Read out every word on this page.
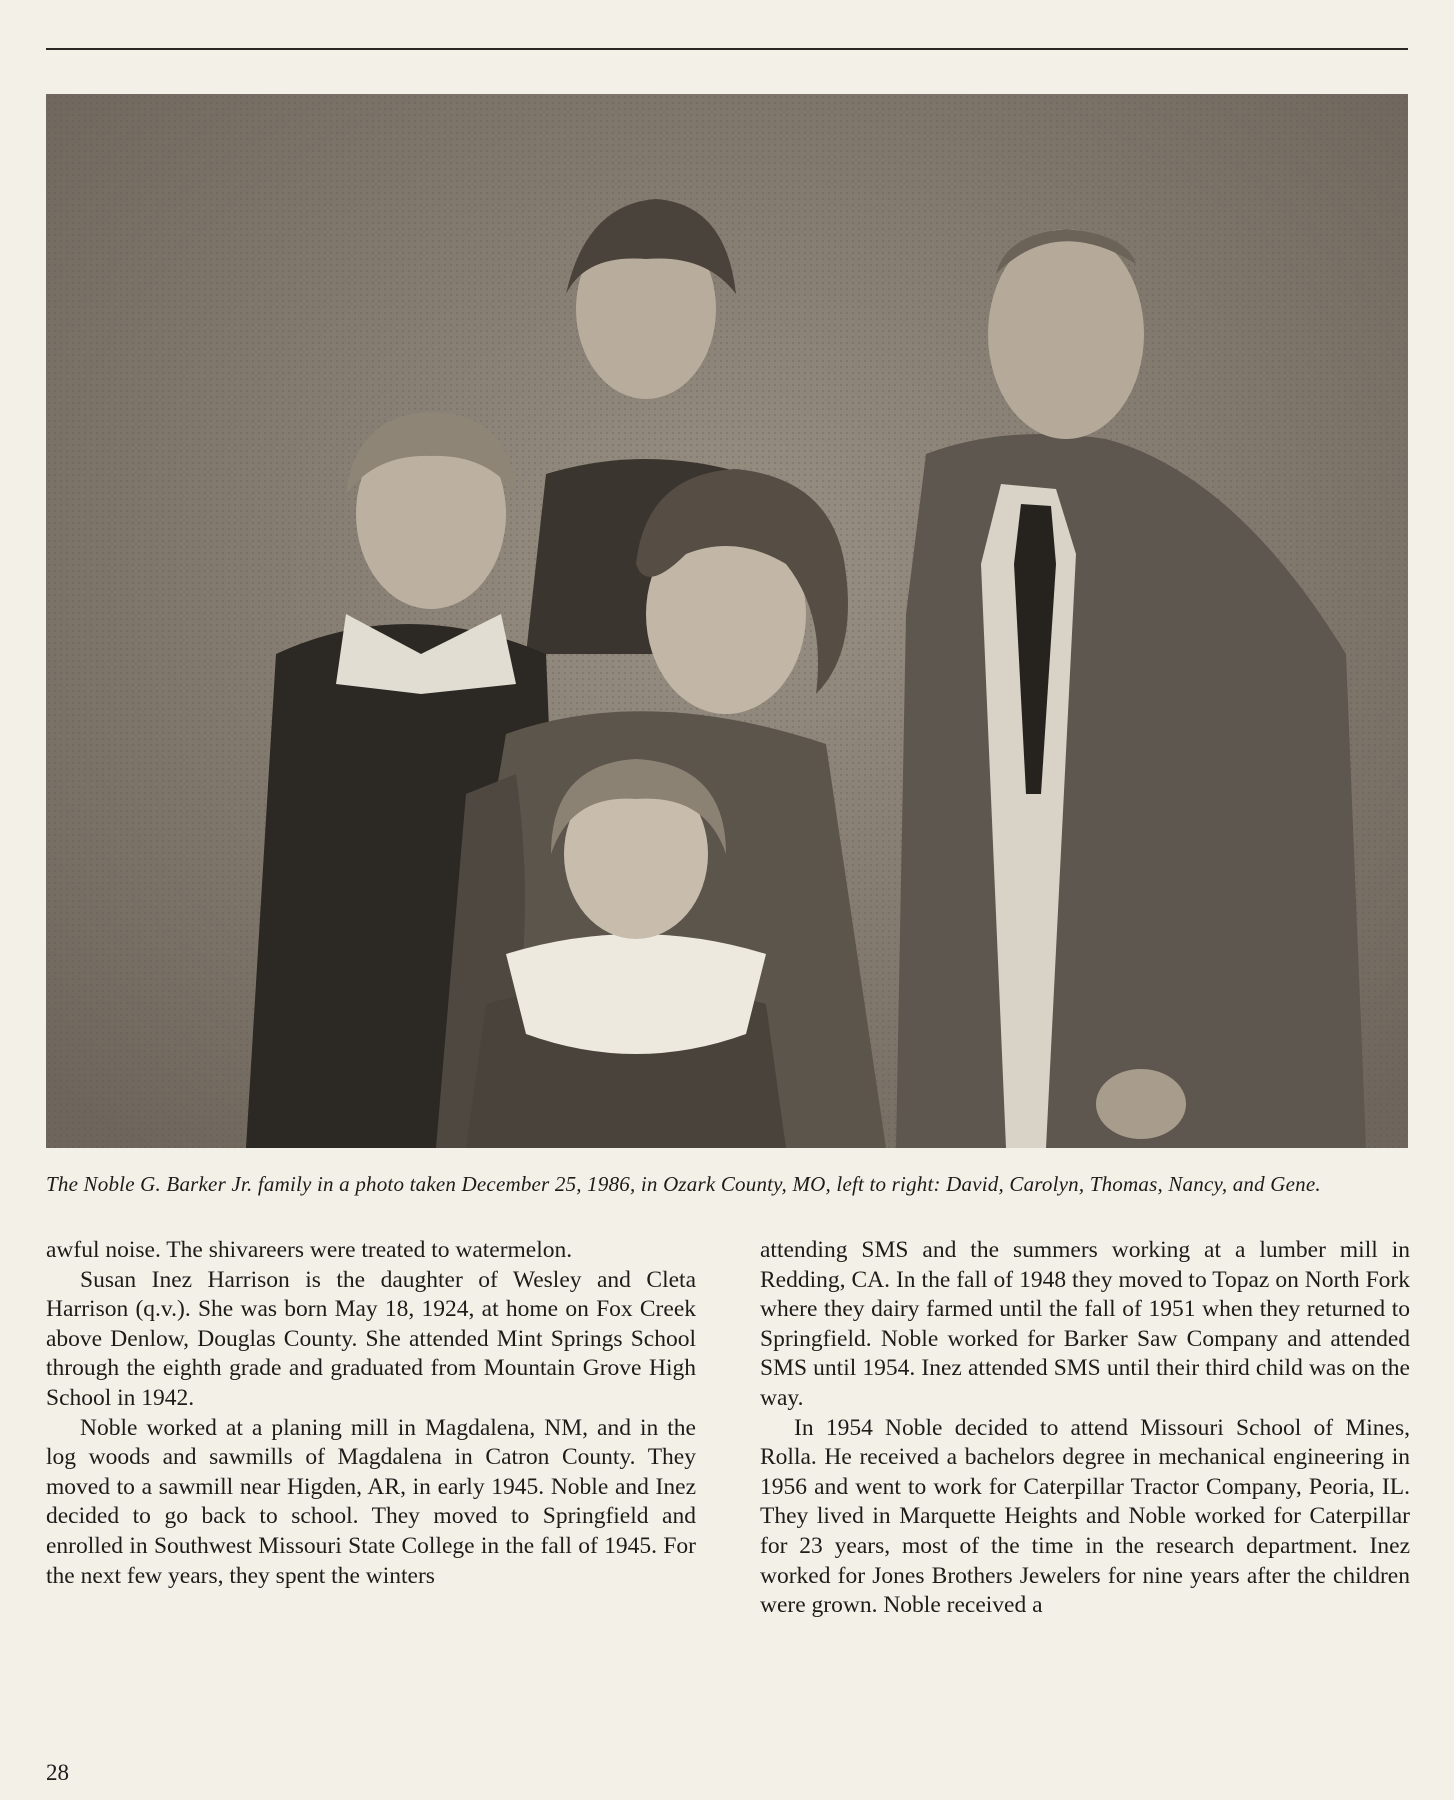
The Noble G. Barker Jr. family in a photo taken December 25, 1986, in Ozark County, MO, left to right: David, Carolyn, Thomas, Nancy, and Gene.

awful noise. The shivareers were treated to watermelon.

Susan Inez Harrison is the daughter of Wesley and Cleta Harrison (q.v.). She was born May 18, 1924, at home on Fox Creek above Denlow, Douglas County. She attended Mint Springs School through the eighth grade and graduated from Mountain Grove High School in 1942.

Noble worked at a planing mill in Magdalena, NM, and in the log woods and sawmills of Magdalena in Catron County. They moved to a sawmill near Higden, AR, in early 1945. Noble and Inez decided to go back to school. They moved to Springfield and enrolled in Southwest Missouri State College in the fall of 1945. For the next few years, they spent the winters

attending SMS and the summers working at a lumber mill in Redding, CA. In the fall of 1948 they moved to Topaz on North Fork where they dairy farmed until the fall of 1951 when they returned to Springfield. Noble worked for Barker Saw Company and attended SMS until 1954. Inez attended SMS until their third child was on the way.

In 1954 Noble decided to attend Missouri School of Mines, Rolla. He received a bachelors degree in mechanical engineering in 1956 and went to work for Caterpillar Tractor Company, Peoria, IL. They lived in Marquette Heights and Noble worked for Caterpillar for 23 years, most of the time in the research department. Inez worked for Jones Brothers Jewelers for nine years after the children were grown. Noble received a

28
